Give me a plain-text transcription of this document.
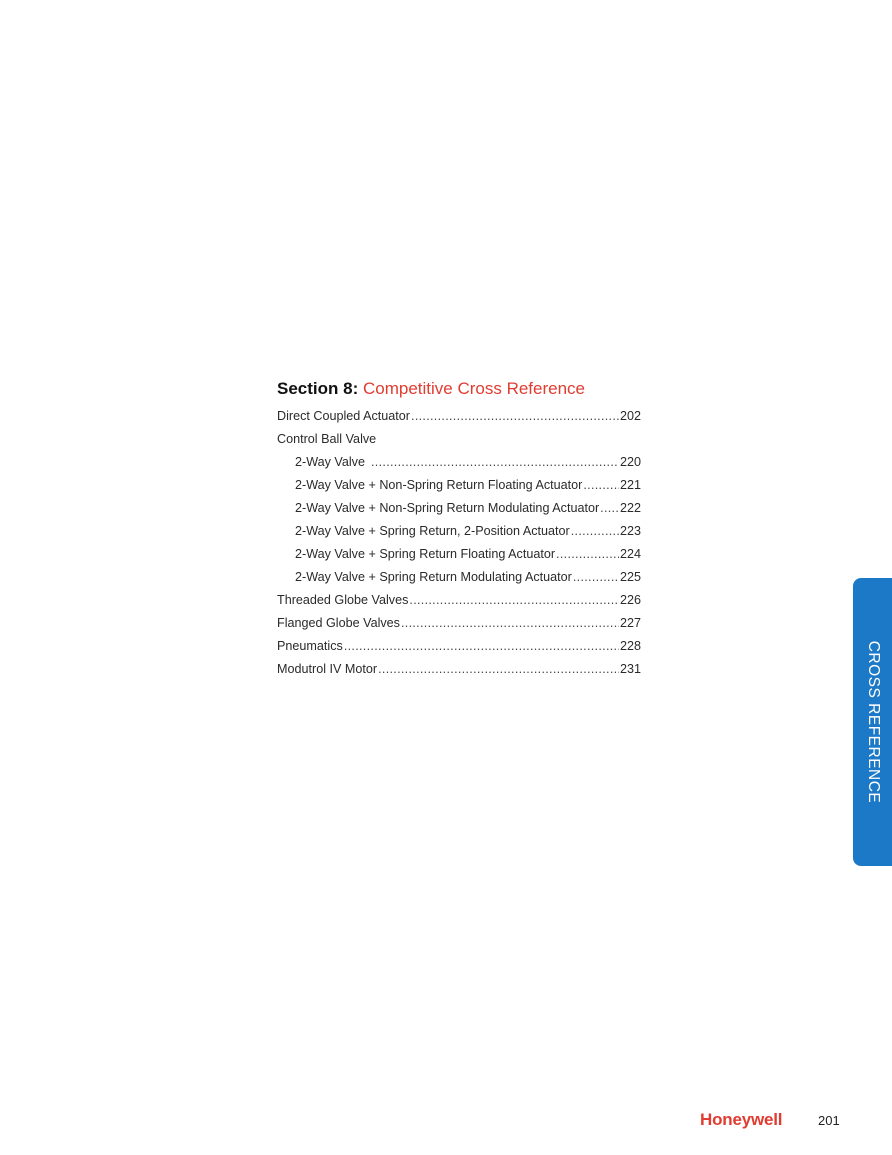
Section 8: Competitive Cross Reference
Direct Coupled Actuator .....	202
Control Ball Valve
2-Way Valve .....	220
2-Way Valve + Non-Spring Return Floating Actuator .....	221
2-Way Valve + Non-Spring Return Modulating Actuator ..... 222
2-Way Valve + Spring Return, 2-Position Actuator .....	223
2-Way Valve + Spring Return Floating Actuator .....	224
2-Way Valve + Spring Return Modulating Actuator .....	225
Threaded Globe Valves .....	226
Flanged Globe Valves .....	227
Pneumatics .....	228
Modutrol IV Motor .....	231	CROSS REFERENCE
Honeywell	201
